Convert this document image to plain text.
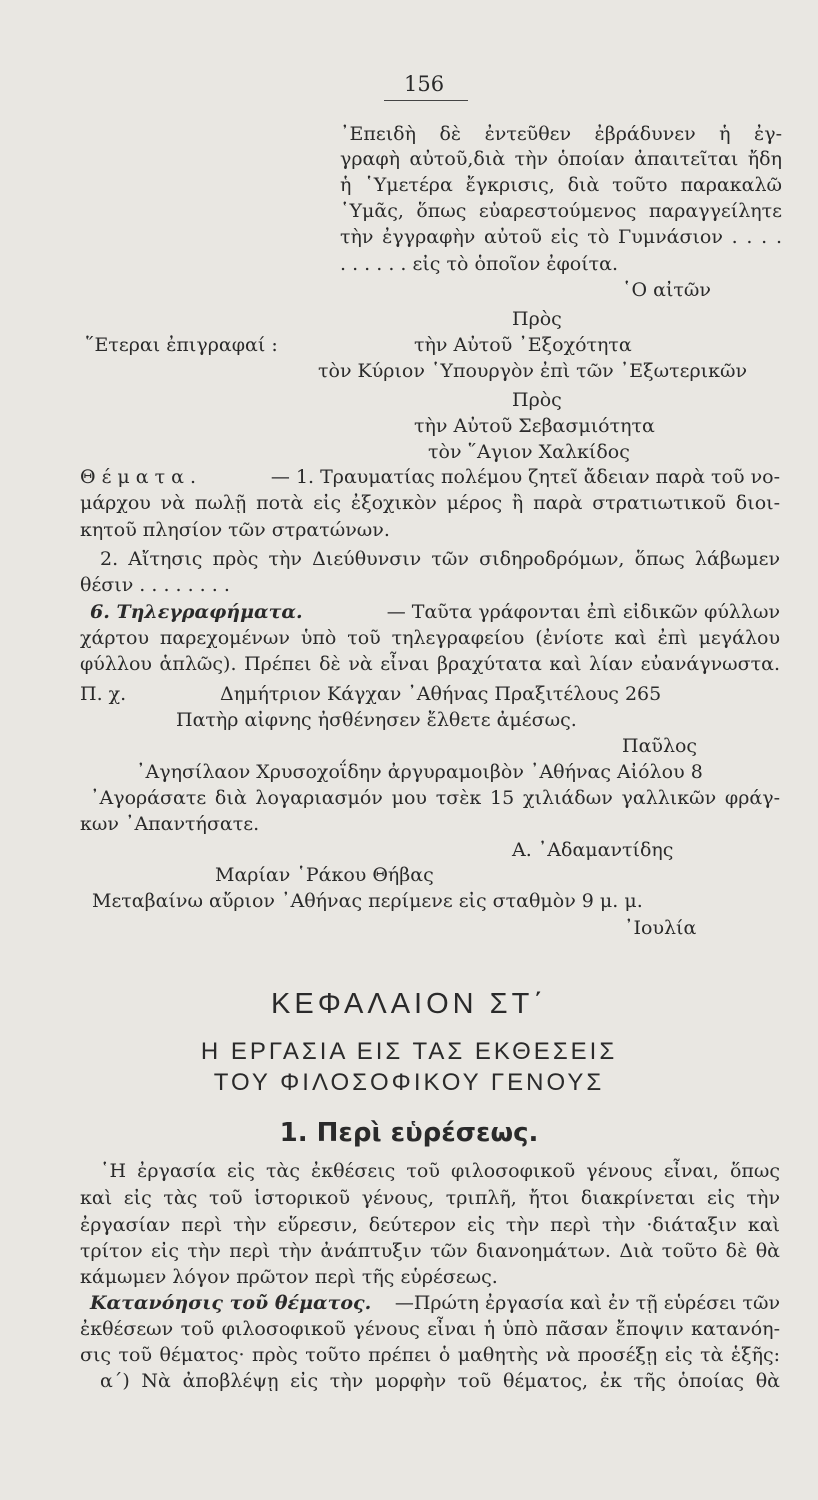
156
᾿Επειδὴ δὲ ἐντεῦθεν ἐβράδυνεν ἡ ἐγ-
γραφὴ αὐτοῦ,διὰ τὴν ὁποίαν ἀπαιτεῖται ἤδη
ἡ ῾Υμετέρα ἔγκρισις, διὰ τοῦτο παρακαλῶ
῾Υμᾶς, ὅπως εὐαρεστούμενος παραγγείλητε
τὴν ἐγγραφὴν αὐτοῦ εἰς τὸ Γυμνάσιον . . . .
. . . . . . εἰς τὸ ὁποῖον ἐφοίτα.
῾Ο αἰτῶν
Πρὸς
῞Ετεραι ἐπιγραφαί :	τὴν Αὐτοῦ ᾿Εξοχότητα
τὸν Κύριον ῾Υπουργὸν ἐπὶ τῶν ᾿Εξωτερικῶν
Πρὸς
τὴν Αὐτοῦ Σεβασμιότητα
τὸν ῞Αγιον Χαλκίδος
Θέματα.	— 1. Τραυματίας πολέμου ζητεῖ ἄδειαν παρὰ τοῦ νο-
μάρχου νὰ πωλῇ ποτὰ εἰς ἐξοχικὸν μέρος ἢ παρὰ στρατιωτικοῦ διοι-
κητοῦ πλησίον τῶν στρατώνων.
2. Αἴτησις πρὸς τὴν Διεύθυνσιν τῶν σιδηροδρόμων, ὅπως λάβωμεν
θέσιν . . . . . . . .
6. Τηλεγραφήματα.	— Ταῦτα γράφονται ἐπὶ εἰδικῶν φύλλων
χάρτου παρεχομένων ὑπὸ τοῦ τηλεγραφείου (ἐνίοτε καὶ ἐπὶ μεγάλου
φύλλου ἁπλῶς). Πρέπει δὲ νὰ εἶναι βραχύτατα καὶ λίαν εὐανάγνωστα.
Π. χ.	Δημήτριον Κάγχαν ᾿Αθήνας Πραξιτέλους 265
Πατὴρ αἰφνης ἠσθένησεν ἔλθετε ἀμέσως.
Παῦλος
᾿Αγησίλαον Χρυσοχοΐδην ἀργυραμοιβὸν ᾿Αθήνας Αἰόλου 8
᾿Αγοράσατε διὰ λογαριασμόν μου τσὲκ 15 χιλιάδων γαλλικῶν φράγ-
κων ᾿Απαντήσατε.
Α. ᾿Αδαμαντίδης
Μαρίαν ῾Ράκου Θήβας
Μεταβαίνω αὔριον ᾿Αθήνας περίμενε εἰς σταθμὸν 9 μ. μ.
᾿Ιουλία
ΚΕΦΑΛΑΙΟΝ ΣΤ΄
Η ΕΡΓΑΣΙΑ ΕΙΣ ΤΑΣ ΕΚΘΕΣΕΙΣ
ΤΟΥ ΦΙΛΟΣΟΦΙΚΟΥ ΓΕΝΟΥΣ
1. Περὶ εὑρέσεως.
῾Η ἐργασία εἰς τὰς ἐκθέσεις τοῦ φιλοσοφικοῦ γένους εἶναι, ὅπως
καὶ εἰς τὰς τοῦ ἱστορικοῦ γένους, τριπλῆ, ἤτοι διακρίνεται εἰς τὴν
ἐργασίαν περὶ τὴν εὕρεσιν, δεύτερον εἰς τὴν περὶ τὴν ·διάταξιν καὶ
τρίτον εἰς τὴν περὶ τὴν ἀνάπτυξιν τῶν διανοημάτων. Διὰ τοῦτο δὲ θὰ
κάμωμεν λόγον πρῶτον περὶ τῆς εὑρέσεως.
Κατανόησις τοῦ θέματος. —Πρώτη ἐργασία καὶ ἐν τῇ εὑρέσει τῶν
ἐκθέσεων τοῦ φιλοσοφικοῦ γένους εἶναι ἡ ὑπὸ πᾶσαν ἔποψιν κατανόη-
σις τοῦ θέματος· πρὸς τοῦτο πρέπει ὁ μαθητὴς νὰ προσέξῃ εἰς τὰ ἑξῆς:
α΄) Νὰ ἀποβλέψῃ εἰς τὴν μορφὴν τοῦ θέματος, ἐκ τῆς ὁποίας θὰ
